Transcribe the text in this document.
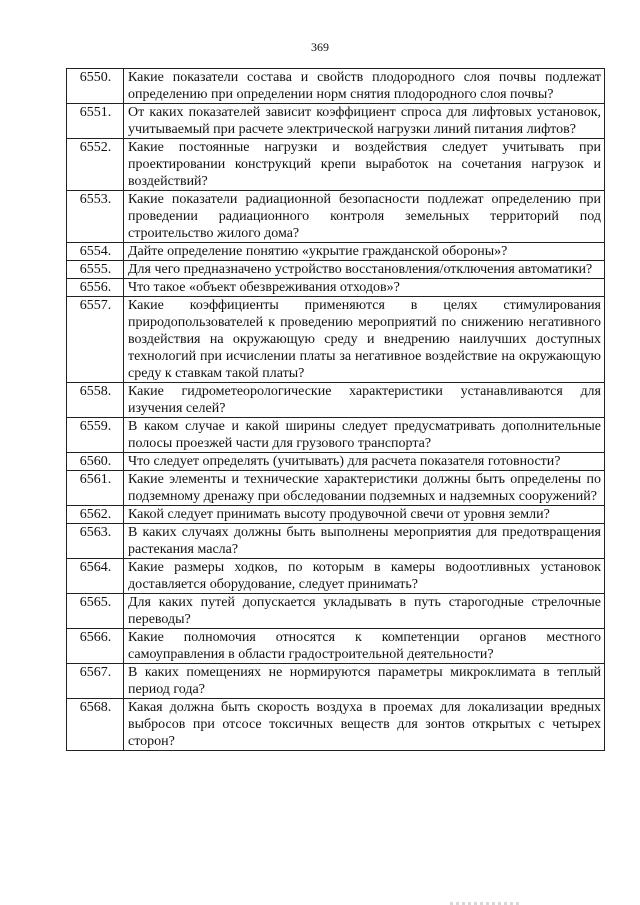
369
6550.	Какие показатели состава и свойств плодородного слоя почвы подлежат определению при определении норм снятия плодородного слоя почвы?
6551.	От каких показателей зависит коэффициент спроса для лифтовых установок, учитываемый при расчете электрической нагрузки линий питания лифтов?
6552.	Какие постоянные нагрузки и воздействия следует учитывать при проектировании конструкций крепи выработок на сочетания нагрузок и воздействий?
6553.	Какие показатели радиационной безопасности подлежат определению при проведении радиационного контроля земельных территорий под строительство жилого дома?
6554.	Дайте определение понятию «укрытие гражданской обороны»?
6555.	Для чего предназначено устройство восстановления/отключения автоматики?
6556.	Что такое «объект обезвреживания отходов»?
6557.	Какие коэффициенты применяются в целях стимулирования природопользователей к проведению мероприятий по снижению негативного воздействия на окружающую среду и внедрению наилучших доступных технологий при исчислении платы за негативное воздействие на окружающую среду к ставкам такой платы?
6558.	Какие гидрометеорологические характеристики устанавливаются для изучения селей?
6559.	В каком случае и какой ширины следует предусматривать дополнительные полосы проезжей части для грузового транспорта?
6560.	Что следует определять (учитывать) для расчета показателя готовности?
6561.	Какие элементы и технические характеристики должны быть определены по подземному дренажу при обследовании подземных и надземных сооружений?
6562.	Какой следует принимать высоту продувочной свечи от уровня земли?
6563.	В каких случаях должны быть выполнены мероприятия для предотвращения растекания масла?
6564.	Какие размеры ходков, по которым в камеры водоотливных установок доставляется оборудование, следует принимать?
6565.	Для каких путей допускается укладывать в путь старогодные стрелочные переводы?
6566.	Какие полномочия относятся к компетенции органов местного самоуправления в области градостроительной деятельности?
6567.	В каких помещениях не нормируются параметры микроклимата в теплый период года?
6568.	Какая должна быть скорость воздуха в проемах для локализации вредных выбросов при отсосе токсичных веществ для зонтов открытых с четырех сторон?
